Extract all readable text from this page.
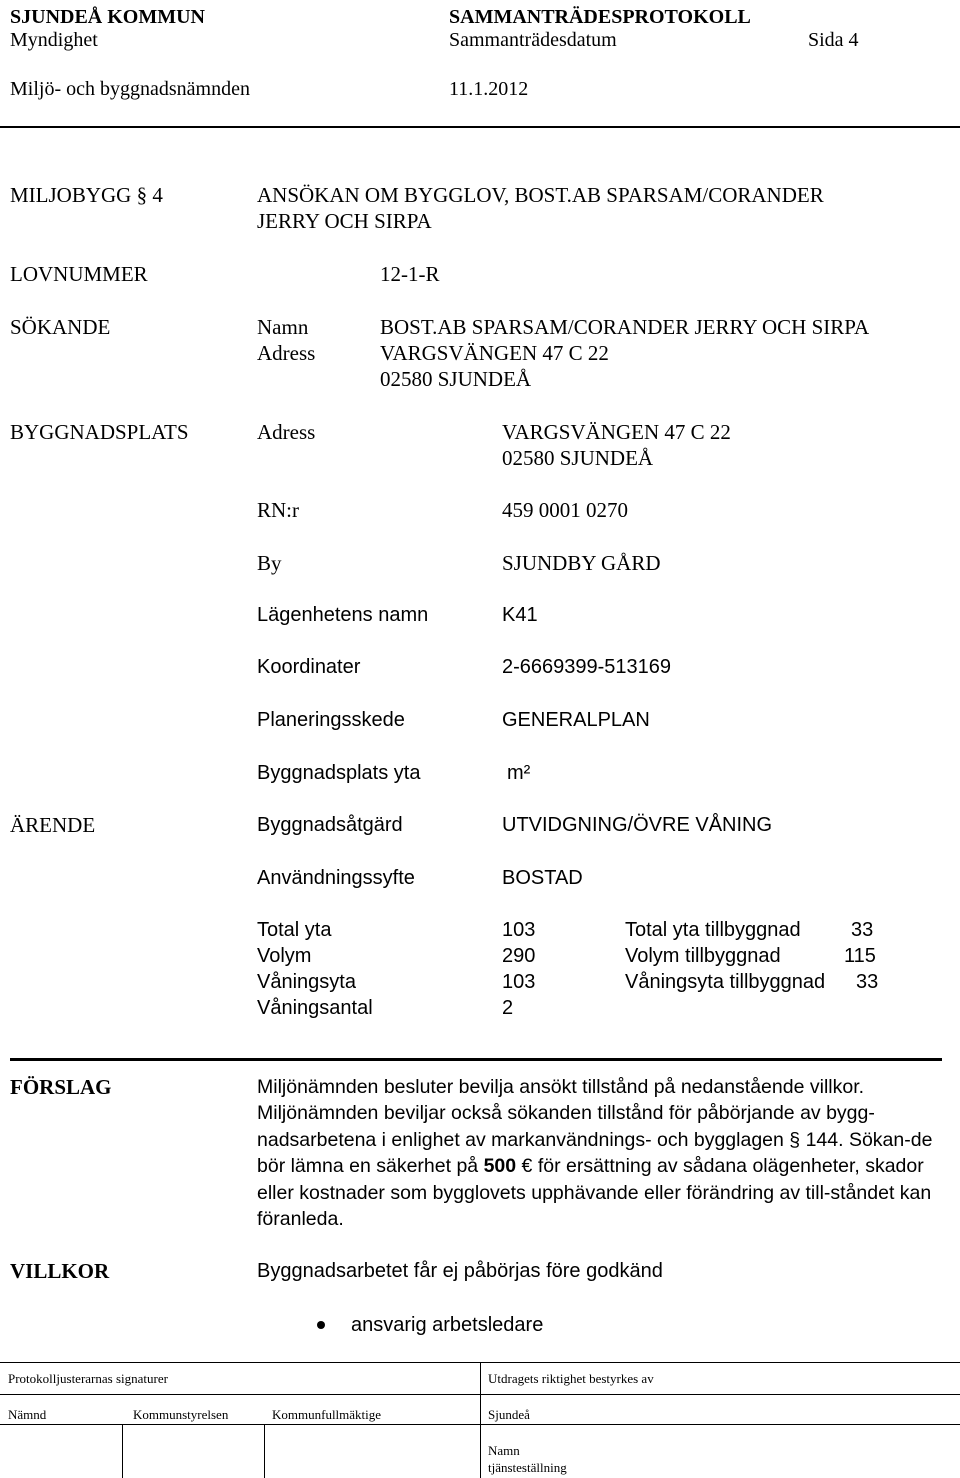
SJUNDEÅ KOMMUN	SAMMANTRÄDESPROTOKOLL
Myndighet	Sammanträdesdatum	Sida 4
Miljö- och byggnadsnämnden	11.1.2012
MILJOBYGG § 4	ANSÖKAN OM BYGGLOV, BOST.AB SPARSAM/CORANDER
JERRY OCH SIRPA
LOVNUMMER	12-1-R
SÖKANDE	Namn	BOST.AB SPARSAM/CORANDER JERRY OCH SIRPA
Adress	VARGSVÄNGEN 47 C 22
02580 SJUNDEÅ
BYGGNADSPLATS	Adress	VARGSVÄNGEN 47 C 22
02580 SJUNDEÅ
RN:r	459 0001 0270
By	SJUNDBY GÅRD
Lägenhetens namn	K41
Koordinater	2-6669399-513169
Planeringsskede	GENERALPLAN
Byggnadsplats yta	m²
ÄRENDE	Byggnadsåtgärd	UTVIDGNING/ÖVRE VÅNING
Användningssyfte	BOSTAD
Total yta	103	Total yta tillbyggnad	33
Volym	290	Volym tillbyggnad	115
Våningsyta	103	Våningsyta tillbyggnad 33
Våningsantal	2
FÖRSLAG	Miljönämnden besluter bevilja ansökt tillstånd på nedanstående villkor.

Miljönämnden beviljar också sökanden tillstånd för påbörjande av bygg-nadsarbetena i enlighet av markanvändnings- och bygglagen § 144. Sökan-de bör lämna en säkerhet på 500 € för ersättning av sådana olägenheter, skador eller kostnader som bygglovets upphävande eller förändring av till-ståndet kan föranleda.

VILLKOR	Byggnadsarbetet får ej påbörjas före godkänd
ansvarig arbetsledare
Protokolljusterarnas signaturer	Utdragets riktighet bestyrkes av
Nämnd	Kommunstyrelsen	Kommunfullmäktige	Sjundeå
Namn
tjänsteställning
